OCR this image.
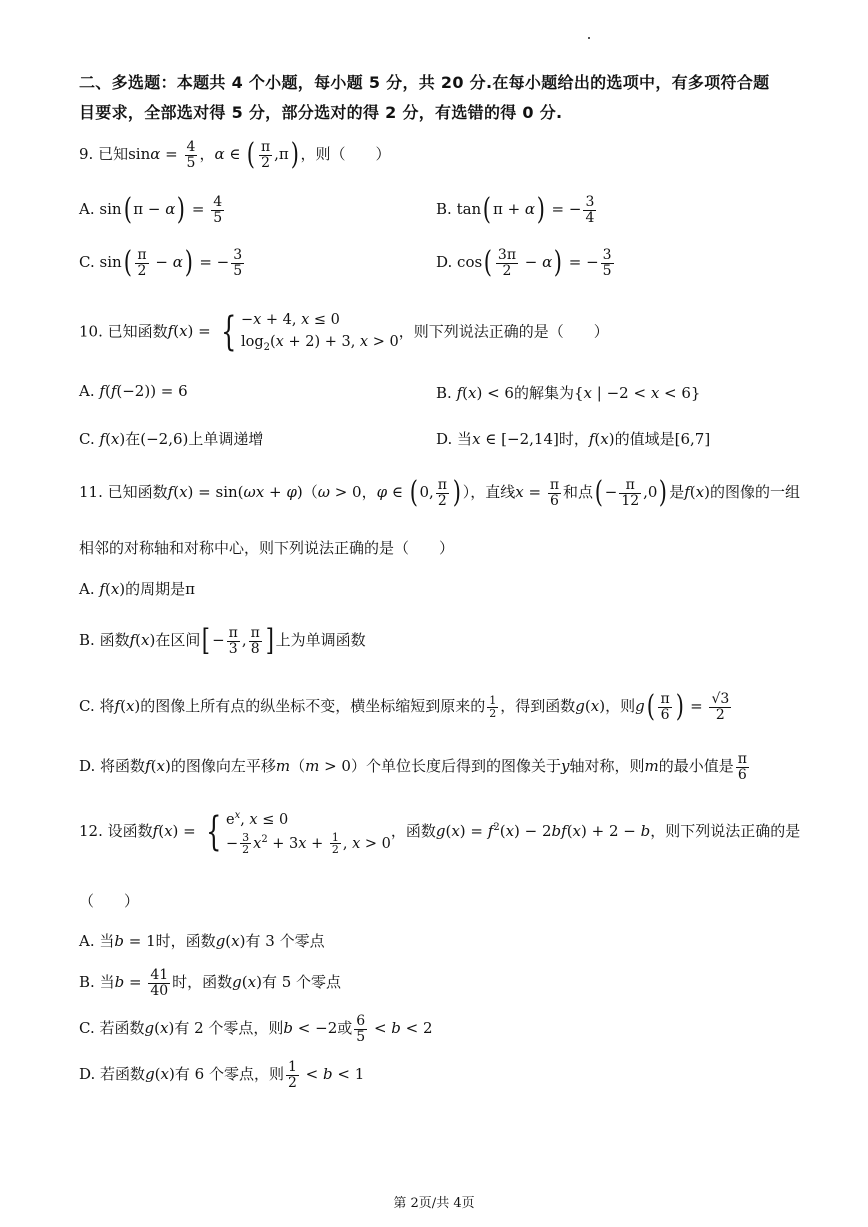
二、多选题：本题共 4 个小题，每小题 5 分，共 20 分.在每小题给出的选项中，有多项符合题
目要求，全部选对得 5 分，部分选对的得 2 分，有选错的得 0 分.
9. 已知$\sin\alpha = \frac{4}{5}$ ，α ∈ ( $\frac{\pi}{2} ,\pi$) ，则（　　）
A. sin( $\pi - \alpha) = \frac{4}{5}$	B. tan( π + α) = − $\frac{3}{4}$
C. $\sin( \frac{\pi}{2} - \alpha)$ = − $\frac{3}{5}$	D. $\cos( \frac{3\pi}{2} - \alpha)$ = − $\frac{3}{5}$
10. 已知函数f(x) = { −x + 4, x ≤ 0
$\log_2(x + 2) + 3$, x > 0，则下列说法正确的是（　　）
A. f(f(−2)) = 6	B. f(x) < 6的解集为{x | −2 < x < 6}
C. f(x)在(−2,6)上单调递增	D. 当x ∈ [−2,14]时，f(x)的值域是[6,7]
11. 已知函数f(x) = sin(ωx + φ)（ω > 0，φ ∈ ( 0, $\frac{\pi}{2}$ ) ），直线$x = \frac{\pi}{6}$ 和点( − $\frac{\pi}{12} ,0$) 是f(x)的图像的一组
相邻的对称轴和对称中心，则下列说法正确的是（　　）
A. f(x)的周期是π
B. 函数f(x)在区间[ − $\frac{\pi}{3}$ , $\frac{\pi}{8}$ ] 上为单调函数
C. 将f(x)的图像上所有点的纵坐标不变，横坐标缩短到原来的 $\frac{1}{2}$ ，得到函数g(x)，则$g( \frac{\pi}{6}$ ) = $\frac{√3}{2}$
D. 将函数f(x)的图像向左平移m（m > 0）个单位长度后得到的图像关于y轴对称，则m的最小值是 $\frac{\pi}{6}$
12. 设函数f(x) = { $e^x$, x ≤ 0
− $\frac{3}{2} x^2 + 3x + \frac{1}{2}$ , x > 0，函数$g(x) = f^2(x) - 2bf(x) + 2 - b$，则下列说法正确的是
（　　）
A. 当b = 1时，函数g(x)有 3 个零点
B. 当$b = \frac{41}{40}$ 时，函数g(x)有 5 个零点
C. 若函数g(x)有 2 个零点，则b < −2或 $\frac{6}{5} < b < 2$
D. 若函数g(x)有 6 个零点，则 $\frac{1}{2} < b < 1$
第 2页/共 4页
